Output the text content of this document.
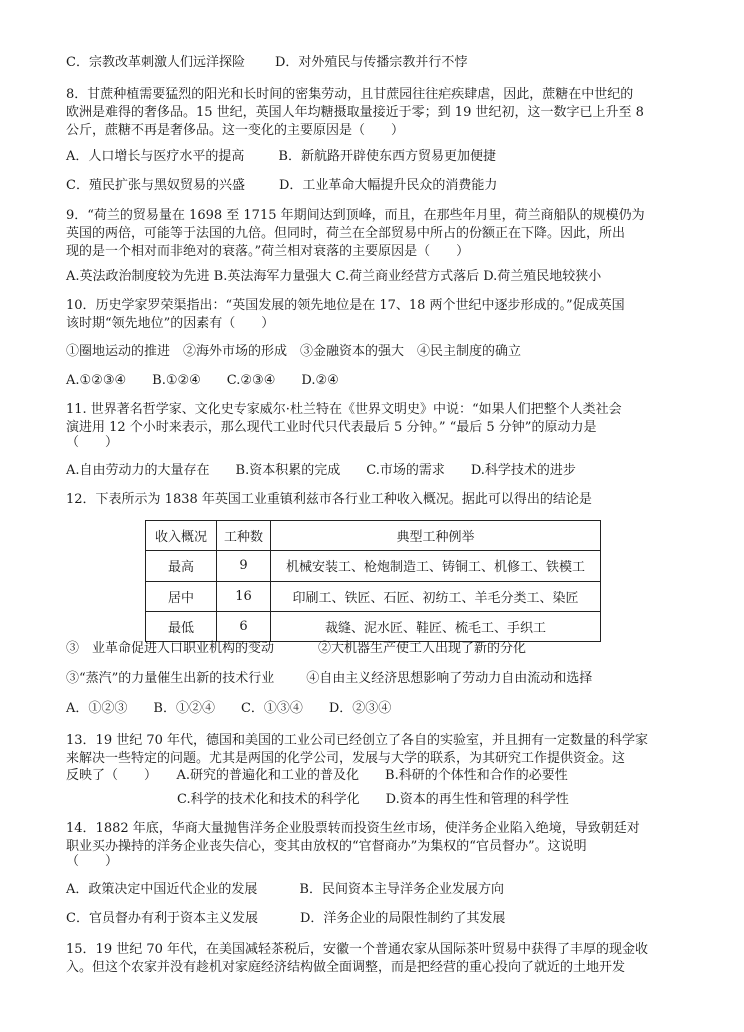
C．宗教改革刺激人们远洋探险 D．对外殖民与传播宗教并行不悖
8．甘蔗种植需要猛烈的阳光和长时间的密集劳动，且甘蔗园往往疟疾肆虐，因此，蔗糖在中世纪的
欧洲是难得的奢侈品。15 世纪，英国人年均糖摄取量接近于零；到 19 世纪初，这一数字已上升至 8
公斤，蔗糖不再是奢侈品。这一变化的主要原因是（　　）
A．人口增长与医疗水平的提高	B．新航路开辟使东西方贸易更加便捷
C．殖民扩张与黑奴贸易的兴盛	D．工业革命大幅提升民众的消费能力
9．“荷兰的贸易量在 1698 至 1715 年期间达到顶峰，而且，在那些年月里，荷兰商船队的规模仍为
英国的两倍，可能等于法国的九倍。但同时，荷兰在全部贸易中所占的份额正在下降。因此，所出
现的是一个相对而非绝对的衰落。”荷兰相对衰落的主要原因是（　　）
A.英法政治制度较为先进 B.英法海军力量强大 C.荷兰商业经营方式落后 D.荷兰殖民地较狭小
10．历史学家罗荣渠指出：“英国发展的领先地位是在 17、18 两个世纪中逐步形成的。”促成英国
该时期“领先地位”的因素有（　　）
①圈地运动的推进　②海外市场的形成　③金融资本的强大　④民主制度的确立
A.①②③④　　B.①②④　　C.②③④　　D.②④
11. 世界著名哲学家、文化史专家威尔·杜兰特在《世界文明史》中说：“如果人们把整个人类社会
演进用 12 个小时来表示，那么现代工业时代只代表最后 5 分钟。” “最后 5 分钟”的原动力是
（　　）
A.自由劳动力的大量存在　　B.资本积累的完成　　C.市场的需求　　D.科学技术的进步
12．下表所示为 1838 年英国工业重镇利兹市各行业工种收入概况。据此可以得出的结论是
收入概况	工种数	典型工种例举
最高	9	机械安装工、枪炮制造工、铸铜工、机修工、铁模工
居中	16	印刷工、铁匠、石匠、初纺工、羊毛分类工、染匠
最低	6	裁缝、泥水匠、鞋匠、梳毛工、手织工
③　业革命促进人口职业机构的变动	②大机器生产使工人出现了新的分化
③“蒸汽”的力量催生出新的技术行业 ④自由主义经济思想影响了劳动力自由流动和选择
A．①②③　　B．①②④　　C．①③④　　D．②③④
13．19 世纪 70 年代，德国和美国的工业公司已经创立了各自的实验室，并且拥有一定数量的科学家
来解决一些特定的问题。尤其是两国的化学公司，发展与大学的联系，为其研究工作提供资金。这
反映了（　　）　　A.研究的普遍化和工业的普及化　　B.科研的个体性和合作的必要性
C.科学的技术化和技术的科学化　　D.资本的再生性和管理的科学性
14．1882 年底，华商大量抛售洋务企业股票转而投资生丝市场，使洋务企业陷入绝境，导致朝廷对
职业买办操持的洋务企业丧失信心，变其由放权的“官督商办”为集权的“官员督办”。这说明
（　　）
A．政策决定中国近代企业的发展	B．民间资本主导洋务企业发展方向
C．官员督办有利于资本主义发展	D．洋务企业的局限性制约了其发展
15．19 世纪 70 年代，在美国减轻茶税后，安徽一个普通农家从国际茶叶贸易中获得了丰厚的现金收
入。但这个农家并没有趁机对家庭经济结构做全面调整，而是把经营的重心投向了就近的土地开发
